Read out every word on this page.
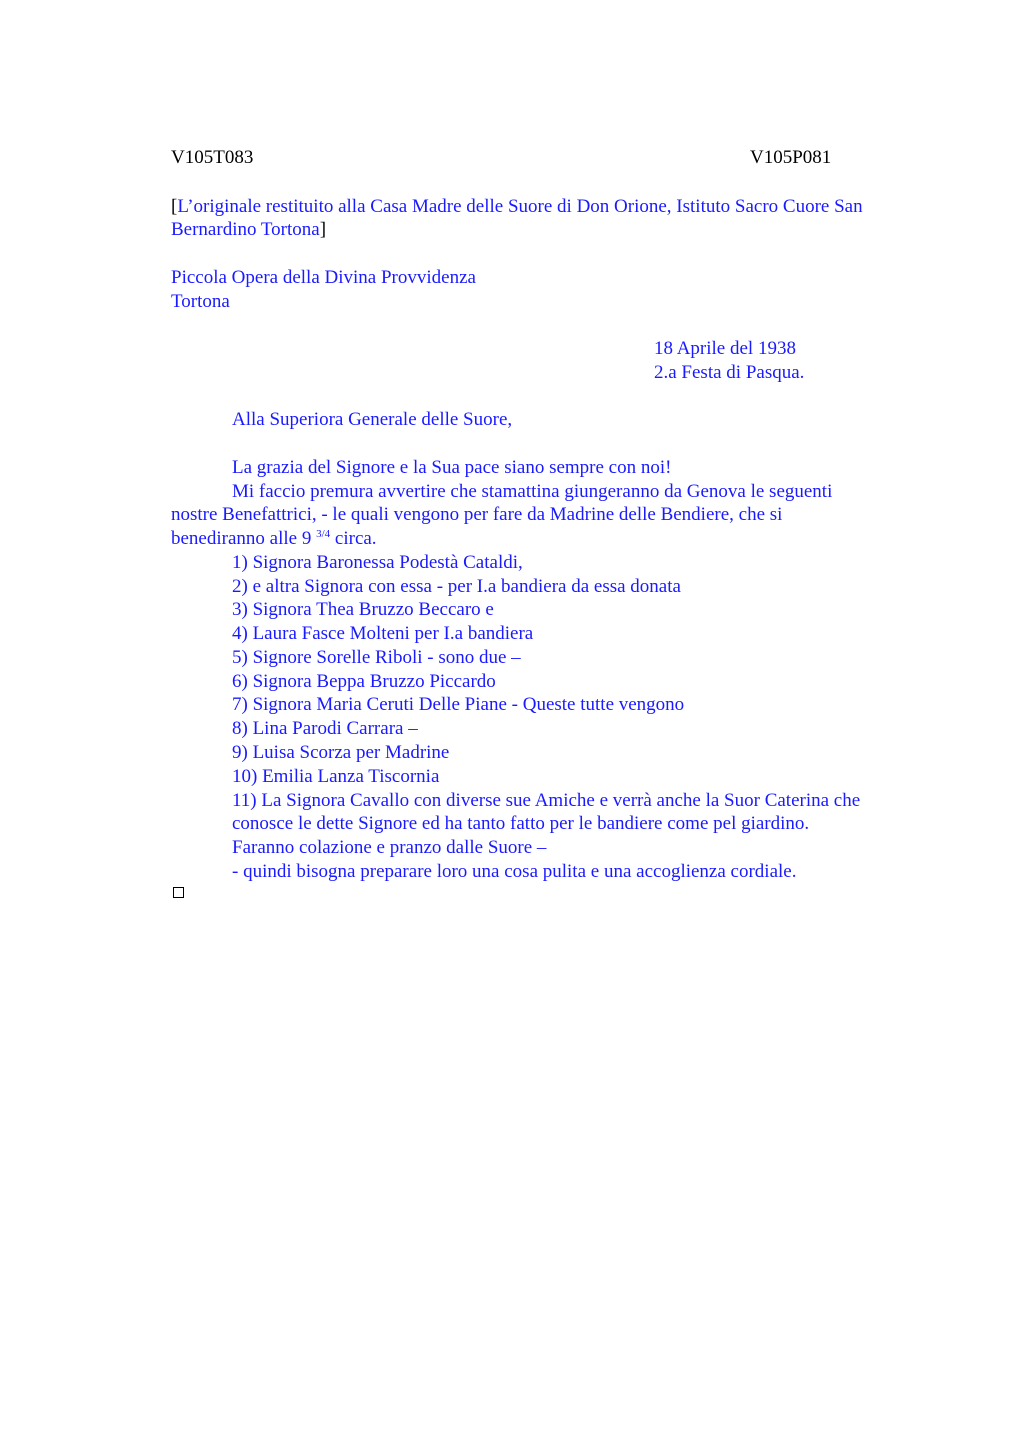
V105T083	V105P081
[L’originale restituito alla Casa Madre delle Suore di Don Orione, Istituto Sacro Cuore San
Bernardino Tortona]
Piccola Opera della Divina Provvidenza
Tortona
18 Aprile del 1938
2.a Festa di Pasqua.
Alla Superiora Generale delle Suore,
La grazia del Signore e la Sua pace siano sempre con noi!
Mi faccio premura avvertire che stamattina giungeranno da Genova le seguenti
nostre Benefattrici, - le quali vengono per fare da Madrine delle Bendiere, che si
benediranno alle 9 $^{3/4}$ circa.
1) Signora Baronessa Podestà Cataldi,
2) e altra Signora con essa - per I.a bandiera da essa donata
3) Signora Thea Bruzzo Beccaro e
4) Laura Fasce Molteni per I.a bandiera
5) Signore Sorelle Riboli - sono due –
6) Signora Beppa Bruzzo Piccardo
7) Signora Maria Ceruti Delle Piane - Queste tutte vengono
8) Lina Parodi Carrara –
9) Luisa Scorza per Madrine
10) Emilia Lanza Tiscornia
11) La Signora Cavallo con diverse sue Amiche e verrà anche la Suor Caterina che
conosce le dette Signore ed ha tanto fatto per le bandiere come pel giardino.
Faranno colazione e pranzo dalle Suore –
- quindi bisogna preparare loro una cosa pulita e una accoglienza cordiale.
